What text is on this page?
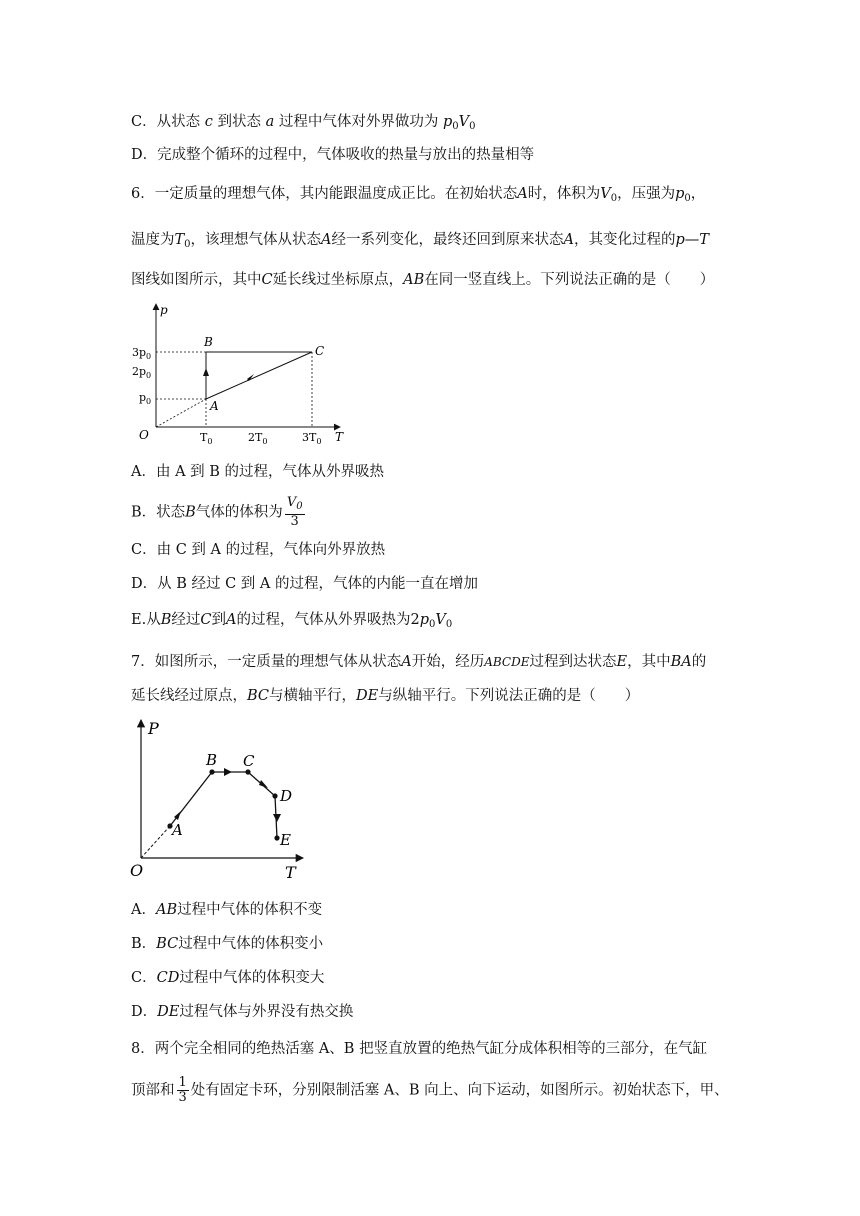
C．从状态 c 到状态 a 过程中气体对外界做功为 $p_0V_0$
D．完成整个循环的过程中，气体吸收的热量与放出的热量相等
6．一定质量的理想气体，其内能跟温度成正比。在初始状态A时，体积为$V_0$，压强为$p_0$，
温度为$T_0$，该理想气体从状态A经一系列变化，最终还回到原来状态A，其变化过程的p—T
图线如图所示，其中C延长线过坐标原点，AB在同一竖直线上。下列说法正确的是（　　）
p
T
O
$3p_0$
$2p_0$
$p_0$
$T_0$	$2T_0$	$3T_0$
B
C
A
A．由 A 到 B 的过程，气体从外界吸热
B．状态B气体的体积为 $\frac{V_0}{3}$
C．由 C 到 A 的过程，气体向外界放热
D．从 B 经过 C 到 A 的过程，气体的内能一直在增加
E.从B经过C到A的过程，气体从外界吸热为$2p_0V_0$
7．如图所示，一定质量的理想气体从状态A开始，经历ABCDE过程到达状态E，其中BA的
延长线经过原点，BC与横轴平行，DE与纵轴平行。下列说法正确的是（　　）
P
T
O
A
B C
D
E
A．AB过程中气体的体积不变
B．BC过程中气体的体积变小
C．CD过程中气体的体积变大
D．DE过程气体与外界没有热交换
8．两个完全相同的绝热活塞 A、B 把竖直放置的绝热气缸分成体积相等的三部分，在气缸
顶部和 $\frac{1}{3}$ 处有固定卡环，分别限制活塞 A、B 向上、向下运动，如图所示。初始状态下，甲、
